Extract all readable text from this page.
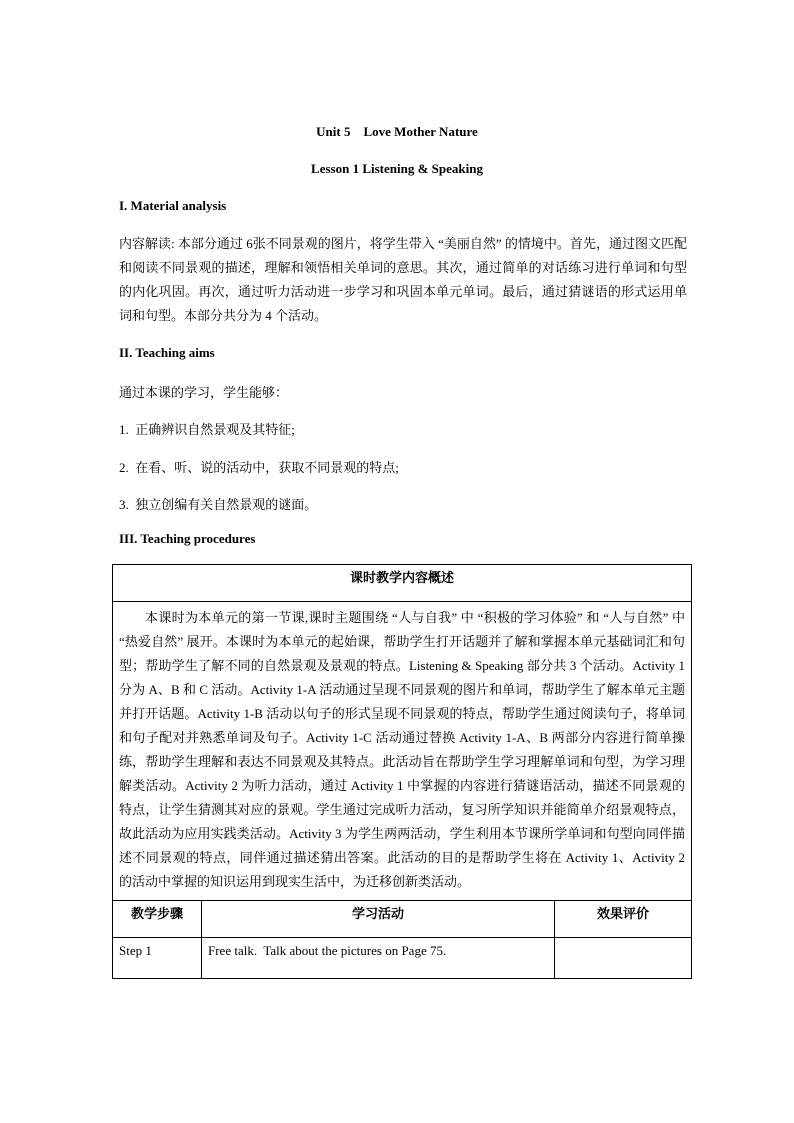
Unit 5    Love Mother Nature
Lesson 1 Listening & Speaking
I. Material analysis
内容解读: 本部分通过 6张不同景观的图片，将学生带入 “美丽自然” 的情境中。首先，通过图文匹配和阅读不同景观的描述，理解和领悟相关单词的意思。其次，通过简单的对话练习进行单词和句型的内化巩固。再次，通过听力活动进一步学习和巩固本单元单词。最后，通过猜谜语的形式运用单词和句型。本部分共分为 4 个活动。
II. Teaching aims
通过本课的学习，学生能够：
1.  正确辨识自然景观及其特征;
2.  在看、听、说的活动中，获取不同景观的特点;
3.  独立创编有关自然景观的谜面。
III. Teaching procedures
课时教学内容概述		
本课时为本单元的第一节课,课时主题围绕 “人与自我” 中 “积极的学习体验” 和 “人与自然” 中 “热爱自然” 展开。本课时为本单元的起始课，帮助学生打开话题并了解和掌握本单元基础词汇和句型；帮助学生了解不同的自然景观及景观的特点。Listening & Speaking 部分共 3 个活动。Activity 1 分为 A、B 和 C 活动。Activity 1-A 活动通过呈现不同景观的图片和单词，帮助学生了解本单元主题并打开话题。Activity 1-B 活动以句子的形式呈现不同景观的特点，帮助学生通过阅读句子，将单词和句子配对并熟悉单词及句子。Activity 1-C 活动通过替换 Activity 1-A、B 两部分内容进行简单操练，帮助学生理解和表达不同景观及其特点。此活动旨在帮助学生学习理解单词和句型，为学习理解类活动。Activity 2 为听力活动，通过 Activity 1 中掌握的内容进行猜谜语活动，描述不同景观的特点，让学生猜测其对应的景观。学生通过完成听力活动，复习所学知识并能简单介绍景观特点，故此活动为应用实践类活动。Activity 3 为学生两两活动，学生利用本节课所学单词和句型向同伴描述不同景观的特点，同伴通过描述猜出答案。此活动的目的是帮助学生将在 Activity 1、Activity 2 的活动中掌握的知识运用到现实生活中，为迁移创新类活动。		
教学步骤	学习活动	效果评价
Step 1	Free talk.  Talk about the pictures on Page 75.	
